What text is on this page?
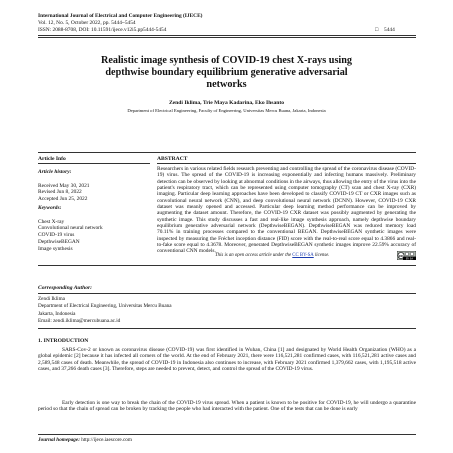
International Journal of Electrical and Computer Engineering (IJECE)
Vol. 12, No. 5, October 2022, pp. 5444~5454
ISSN: 2088-8708, DOI: 10.11591/ijece.v12i5.pp5444-5454	□ 5444
Realistic image synthesis of COVID-19 chest X-rays using
depthwise boundary equilibrium generative adversarial
networks
Zendi Iklima, Trie Maya Kadarina, Eko Ihsanto
Department of Electrical Engineering, Faculty of Engineering, Universitas Mercu Buana, Jakarta, Indonesia
Article Info	ABSTRACT
Article history:

Received May 30, 2021
Revised Jun 8, 2022
Accepted Jun 25, 2022
Keywords:

Chest X-ray
Convolutional neural network
COVID-19 virus
DepthwiseBEGAN
Image synthesis
Researchers in various related fields research preventing and controlling the spread of the coronavirus disease (COVID-19) virus. The spread of the COVID-19 is increasing exponentially and infecting humans massively. Preliminary detection can be observed by looking at abnormal conditions in the airways, thus allowing the entry of the virus into the patient's respiratory tract, which can be represented using computer tomography (CT) scan and chest X-ray (CXR) imaging. Particular deep learning approaches have been developed to classify COVID-19 CT or CXR images such as convolutional neural network (CNN), and deep convolutional neural network (DCNN). However, COVID-19 CXR dataset was meanly opened and accessed. Particular deep learning method performance can be improved by augmenting the dataset amount. Therefore, the COVID-19 CXR dataset was possibly augmented by generating the synthetic image. This study discusses a fast and real-like image synthesis approach, namely depthwise boundary equilibrium generative adversarial network (DepthwiseBEGAN). DepthwiseBEGAN was reduced memory load 70.11% in training processes compared to the conventional BEGAN. DepthwiseBEGAN synthetic images were inspected by measuring the Fréchet inception distance (FID) score with the real-to-real score equal to 4.3866 and real-to-fake score equal to 4.3678. Moreover, generated DepthwiseBEGAN synthetic images improve 22.59% accuracy of conventional CNN models.
This is an open access article under the CC BY-SA license.	cc
BY SA
Corresponding Author:
Zendi Iklima
Department of Electrical Engineering, Universitas Mercu Buana
Jakarta, Indonesia
Email: zendi.iklima@mercubuana.ac.id
1. INTRODUCTION
SARS-Cov-2 or known as coronavirus disease (COVID-19) was first identified in Wuhan, China [1] and designated by World Health Organization (WHO) as a global epidemic [2] because it has infected all corners of the world. At the end of February 2021, there were 116,521,281 confirmed cases, with 116,521,281 active cases and 2,589,548 cases of death. Meanwhile, the spread of COVID-19 in Indonesia also continues to increase, with February 2021 confirmed 1,379,662 cases, with 1,195,518 active cases, and 37,266 death cases [3]. Therefore, steps are needed to prevent, detect, and control the spread of the COVID-19 virus.
Early detection is one way to break the chain of the COVID-19 virus spread. When a patient is known to be positive for COVID-19, he will undergo a quarantine period so that the chain of spread can be broken by tracking the people who had interacted with the patient. One of the tests that can be done is early
Journal homepage: http://ijece.iaescore.com
